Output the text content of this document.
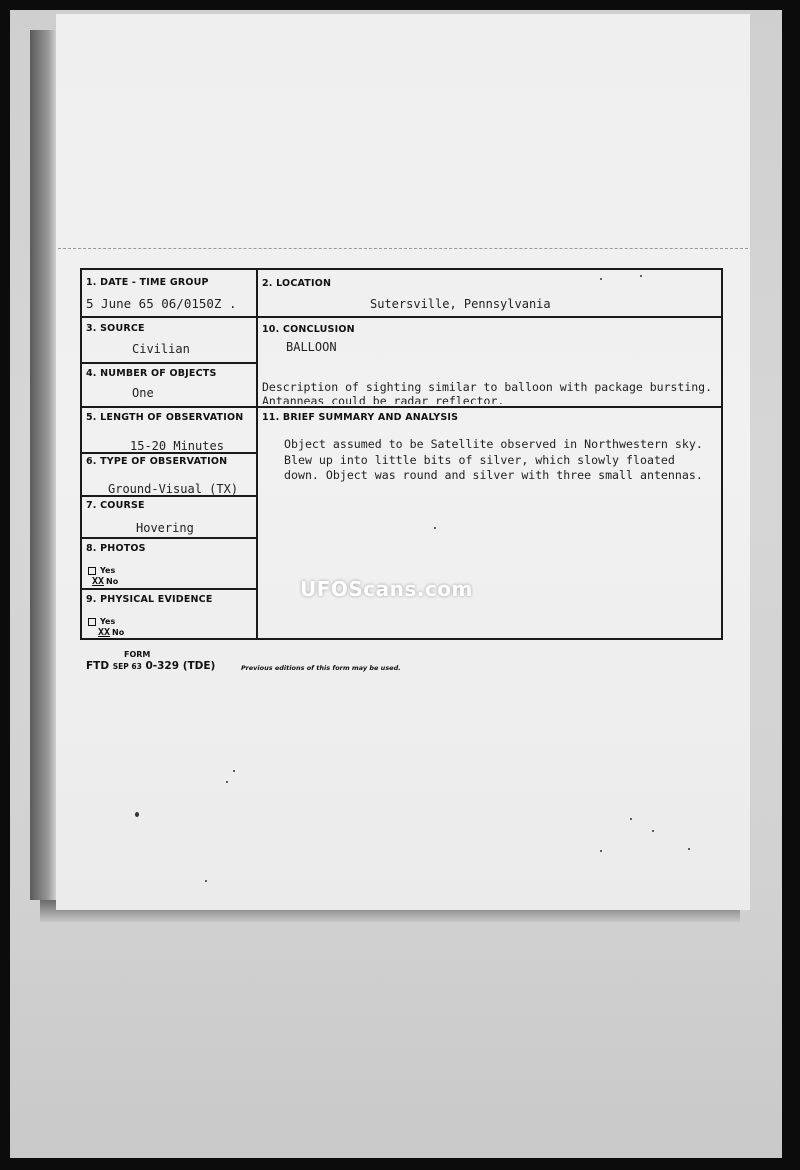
1. DATE - TIME GROUP
5 June 65 06/0150Z .
2. LOCATION
Sutersville, Pennsylvania
3. SOURCE
Civilian
4. NUMBER OF OBJECTS
One
5. LENGTH OF OBSERVATION
15-20 Minutes
6. TYPE OF OBSERVATION
Ground-Visual (TX)
7. COURSE
Hovering
8. PHOTOS
Yes
XX No
9. PHYSICAL EVIDENCE
Yes
XX No
10. CONCLUSION
BALLOON
Description of sighting similar to balloon with package bursting.
Antanneas could be radar reflector.
11. BRIEF SUMMARY AND ANALYSIS
Object assumed to be Satellite observed in Northwestern sky.
Blew up into little bits of silver, which slowly floated
down. Object was round and silver with three small antennas.
UFOScans.com
FORM
FTD SEP 63 0-329 (TDE)	Previous editions of this form may be used.
